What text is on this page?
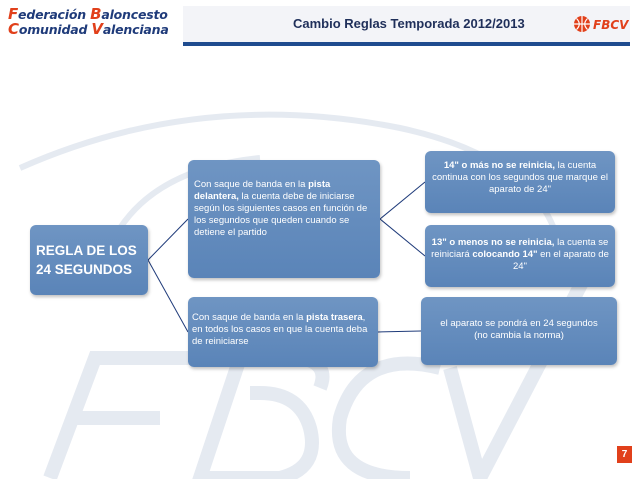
Federación Baloncesto
Comunidad Valenciana	Cambio Reglas Temporada 2012/2013	FBCV
REGLA DE LOS
24 SEGUNDOS
Con saque de banda en la pista delantera, la cuenta debe de iniciarse según los siguientes casos en función de los segundos que queden cuando se detiene el partido
Con saque de banda en la pista trasera, en todos los casos en que la cuenta deba de reiniciarse
14" o más no se reinicia, la cuenta continua con los segundos que marque el aparato de 24"
13" o menos no se reinicia, la cuenta se reiniciará colocando 14" en el aparato de 24"
el aparato se pondrá en 24 segundos
(no cambia la norma)
7
